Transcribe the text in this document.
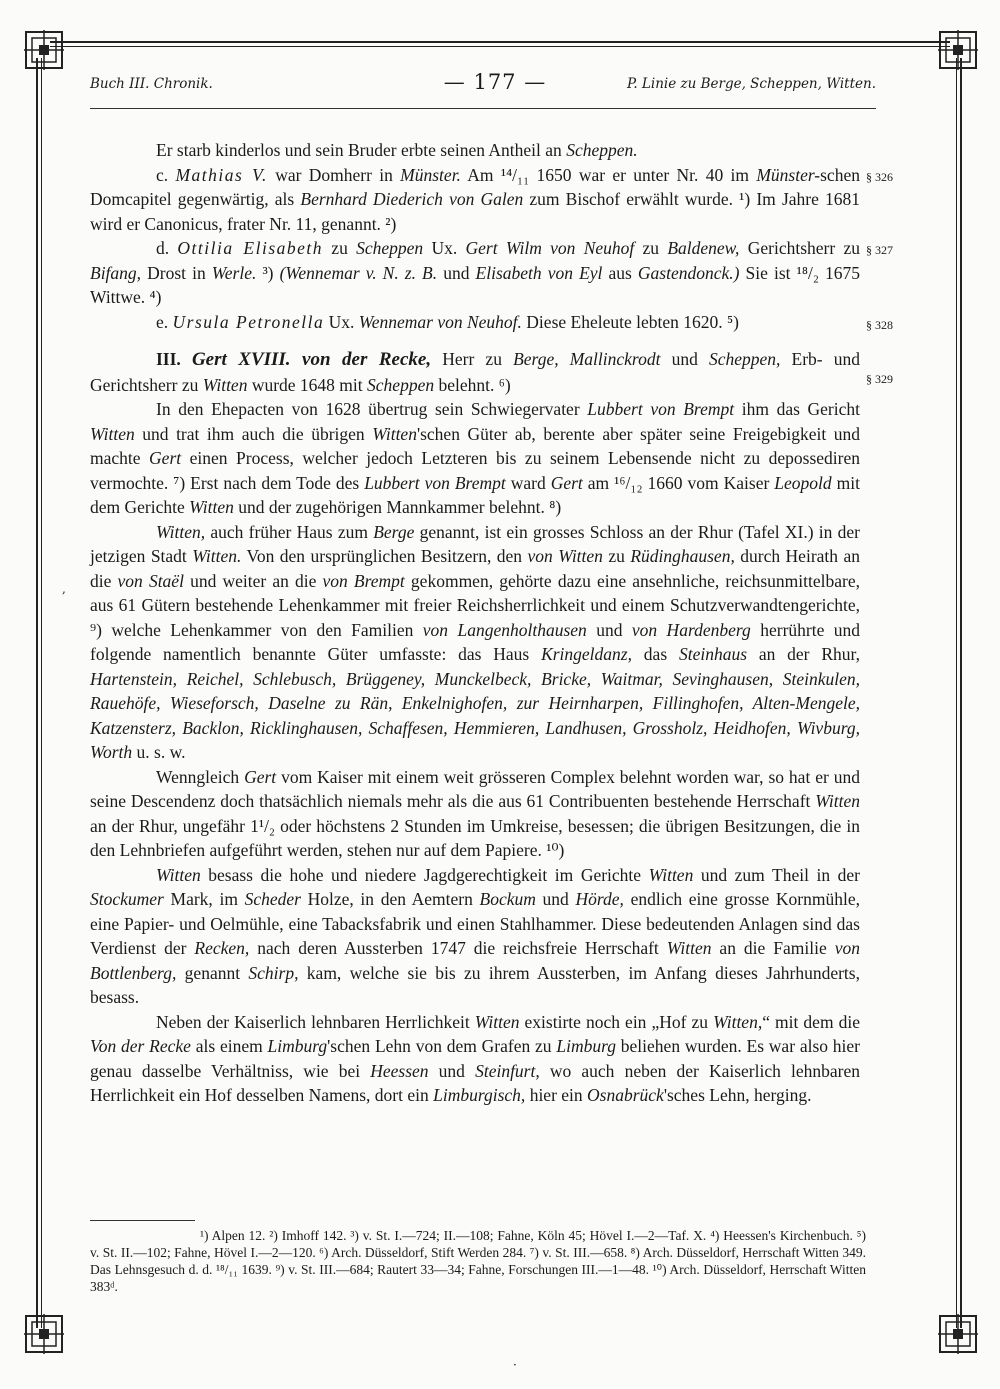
Buch III. Chronik.	— 177 —	P. Linie zu Berge, Scheppen, Witten.
§ 326
§ 327
§ 328
§ 329
,

Er starb kinderlos und sein Bruder erbte seinen Antheil an Scheppen.

c. Mathias V. war Domherr in Münster. Am ¹⁴/₁₁ 1650 war er unter Nr. 40 im Münster-schen Domcapitel gegenwärtig, als Bernhard Diederich von Galen zum Bischof erwählt wurde. ¹) Im Jahre 1681 wird er Canonicus, frater Nr. 11, genannt. ²)

d. Ottilia Elisabeth zu Scheppen Ux. Gert Wilm von Neuhof zu Baldenew, Gerichtsherr zu Bifang, Drost in Werle. ³) (Wennemar v. N. z. B. und Elisabeth von Eyl aus Gastendonck.) Sie ist ¹⁸/₂ 1675 Wittwe. ⁴)

e. Ursula Petronella Ux. Wennemar von Neuhof. Diese Eheleute lebten 1620. ⁵)

III. Gert XVIII. von der Recke, Herr zu Berge, Mallinckrodt und Scheppen, Erb- und Gerichtsherr zu Witten wurde 1648 mit Scheppen belehnt. ⁶)

In den Ehepacten von 1628 übertrug sein Schwiegervater Lubbert von Brempt ihm das Gericht Witten und trat ihm auch die übrigen Witten'schen Güter ab, berente aber später seine Freigebigkeit und machte Gert einen Process, welcher jedoch Letzteren bis zu seinem Lebensende nicht zu depossediren vermochte. ⁷) Erst nach dem Tode des Lubbert von Brempt ward Gert am ¹⁶/₁₂ 1660 vom Kaiser Leopold mit dem Gerichte Witten und der zugehörigen Mannkammer belehnt. ⁸)

Witten, auch früher Haus zum Berge genannt, ist ein grosses Schloss an der Rhur (Tafel XI.) in der jetzigen Stadt Witten. Von den ursprünglichen Besitzern, den von Witten zu Rüdinghausen, durch Heirath an die von Staël und weiter an die von Brempt gekommen, gehörte dazu eine ansehnliche, reichsunmittelbare, aus 61 Gütern bestehende Lehenkammer mit freier Reichsherrlichkeit und einem Schutzverwandtengerichte, ⁹) welche Lehenkammer von den Familien von Langenholthausen und von Hardenberg herrührte und folgende namentlich benannte Güter umfasste: das Haus Kringeldanz, das Steinhaus an der Rhur, Hartenstein, Reichel, Schlebusch, Brüggeney, Munckelbeck, Bricke, Waitmar, Sevinghausen, Steinkulen, Rauehöfe, Wieseforsch, Daselne zu Rän, Enkelnighofen, zur Heirnharpen, Fillinghofen, Alten-Mengele, Katzensterz, Backlon, Ricklinghausen, Schaffesen, Hemmieren, Landhusen, Grossholz, Heidhofen, Wivburg, Worth u. s. w.

Wenngleich Gert vom Kaiser mit einem weit grösseren Complex belehnt worden war, so hat er und seine Descendenz doch thatsächlich niemals mehr als die aus 61 Contribuenten bestehende Herrschaft Witten an der Rhur, ungefähr 1¹/₂ oder höchstens 2 Stunden im Umkreise, besessen; die übrigen Besitzungen, die in den Lehnbriefen aufgeführt werden, stehen nur auf dem Papiere. ¹⁰)

Witten besass die hohe und niedere Jagdgerechtigkeit im Gerichte Witten und zum Theil in der Stockumer Mark, im Scheder Holze, in den Aemtern Bockum und Hörde, endlich eine grosse Kornmühle, eine Papier- und Oelmühle, eine Tabacksfabrik und einen Stahlhammer. Diese bedeutenden Anlagen sind das Verdienst der Recken, nach deren Aussterben 1747 die reichsfreie Herrschaft Witten an die Familie von Bottlenberg, genannt Schirp, kam, welche sie bis zu ihrem Aussterben, im Anfang dieses Jahrhunderts, besass.

Neben der Kaiserlich lehnbaren Herrlichkeit Witten existirte noch ein „Hof zu Witten,“ mit dem die Von der Recke als einem Limburg'schen Lehn von dem Grafen zu Limburg beliehen wurden. Es war also hier genau dasselbe Verhältniss, wie bei Heessen und Steinfurt, wo auch neben der Kaiserlich lehnbaren Herrlichkeit ein Hof desselben Namens, dort ein Limburgisch, hier ein Osnabrück'sches Lehn, herging.

¹) Alpen 12. ²) Imhoff 142. ³) v. St. I.—724; II.—108; Fahne, Köln 45; Hövel I.—2—Taf. X. ⁴) Heessen's Kirchenbuch. ⁵) v. St. II.—102; Fahne, Hövel I.—2—120. ⁶) Arch. Düsseldorf, Stift Werden 284. ⁷) v. St. III.—658. ⁸) Arch. Düsseldorf, Herrschaft Witten 349. Das Lehnsgesuch d. d. ¹⁸/₁₁ 1639. ⁹) v. St. III.—684; Rautert 33—34; Fahne, Forschungen III.—1—48. ¹⁰) Arch. Düsseldorf, Herrschaft Witten 383ᵈ.

·
